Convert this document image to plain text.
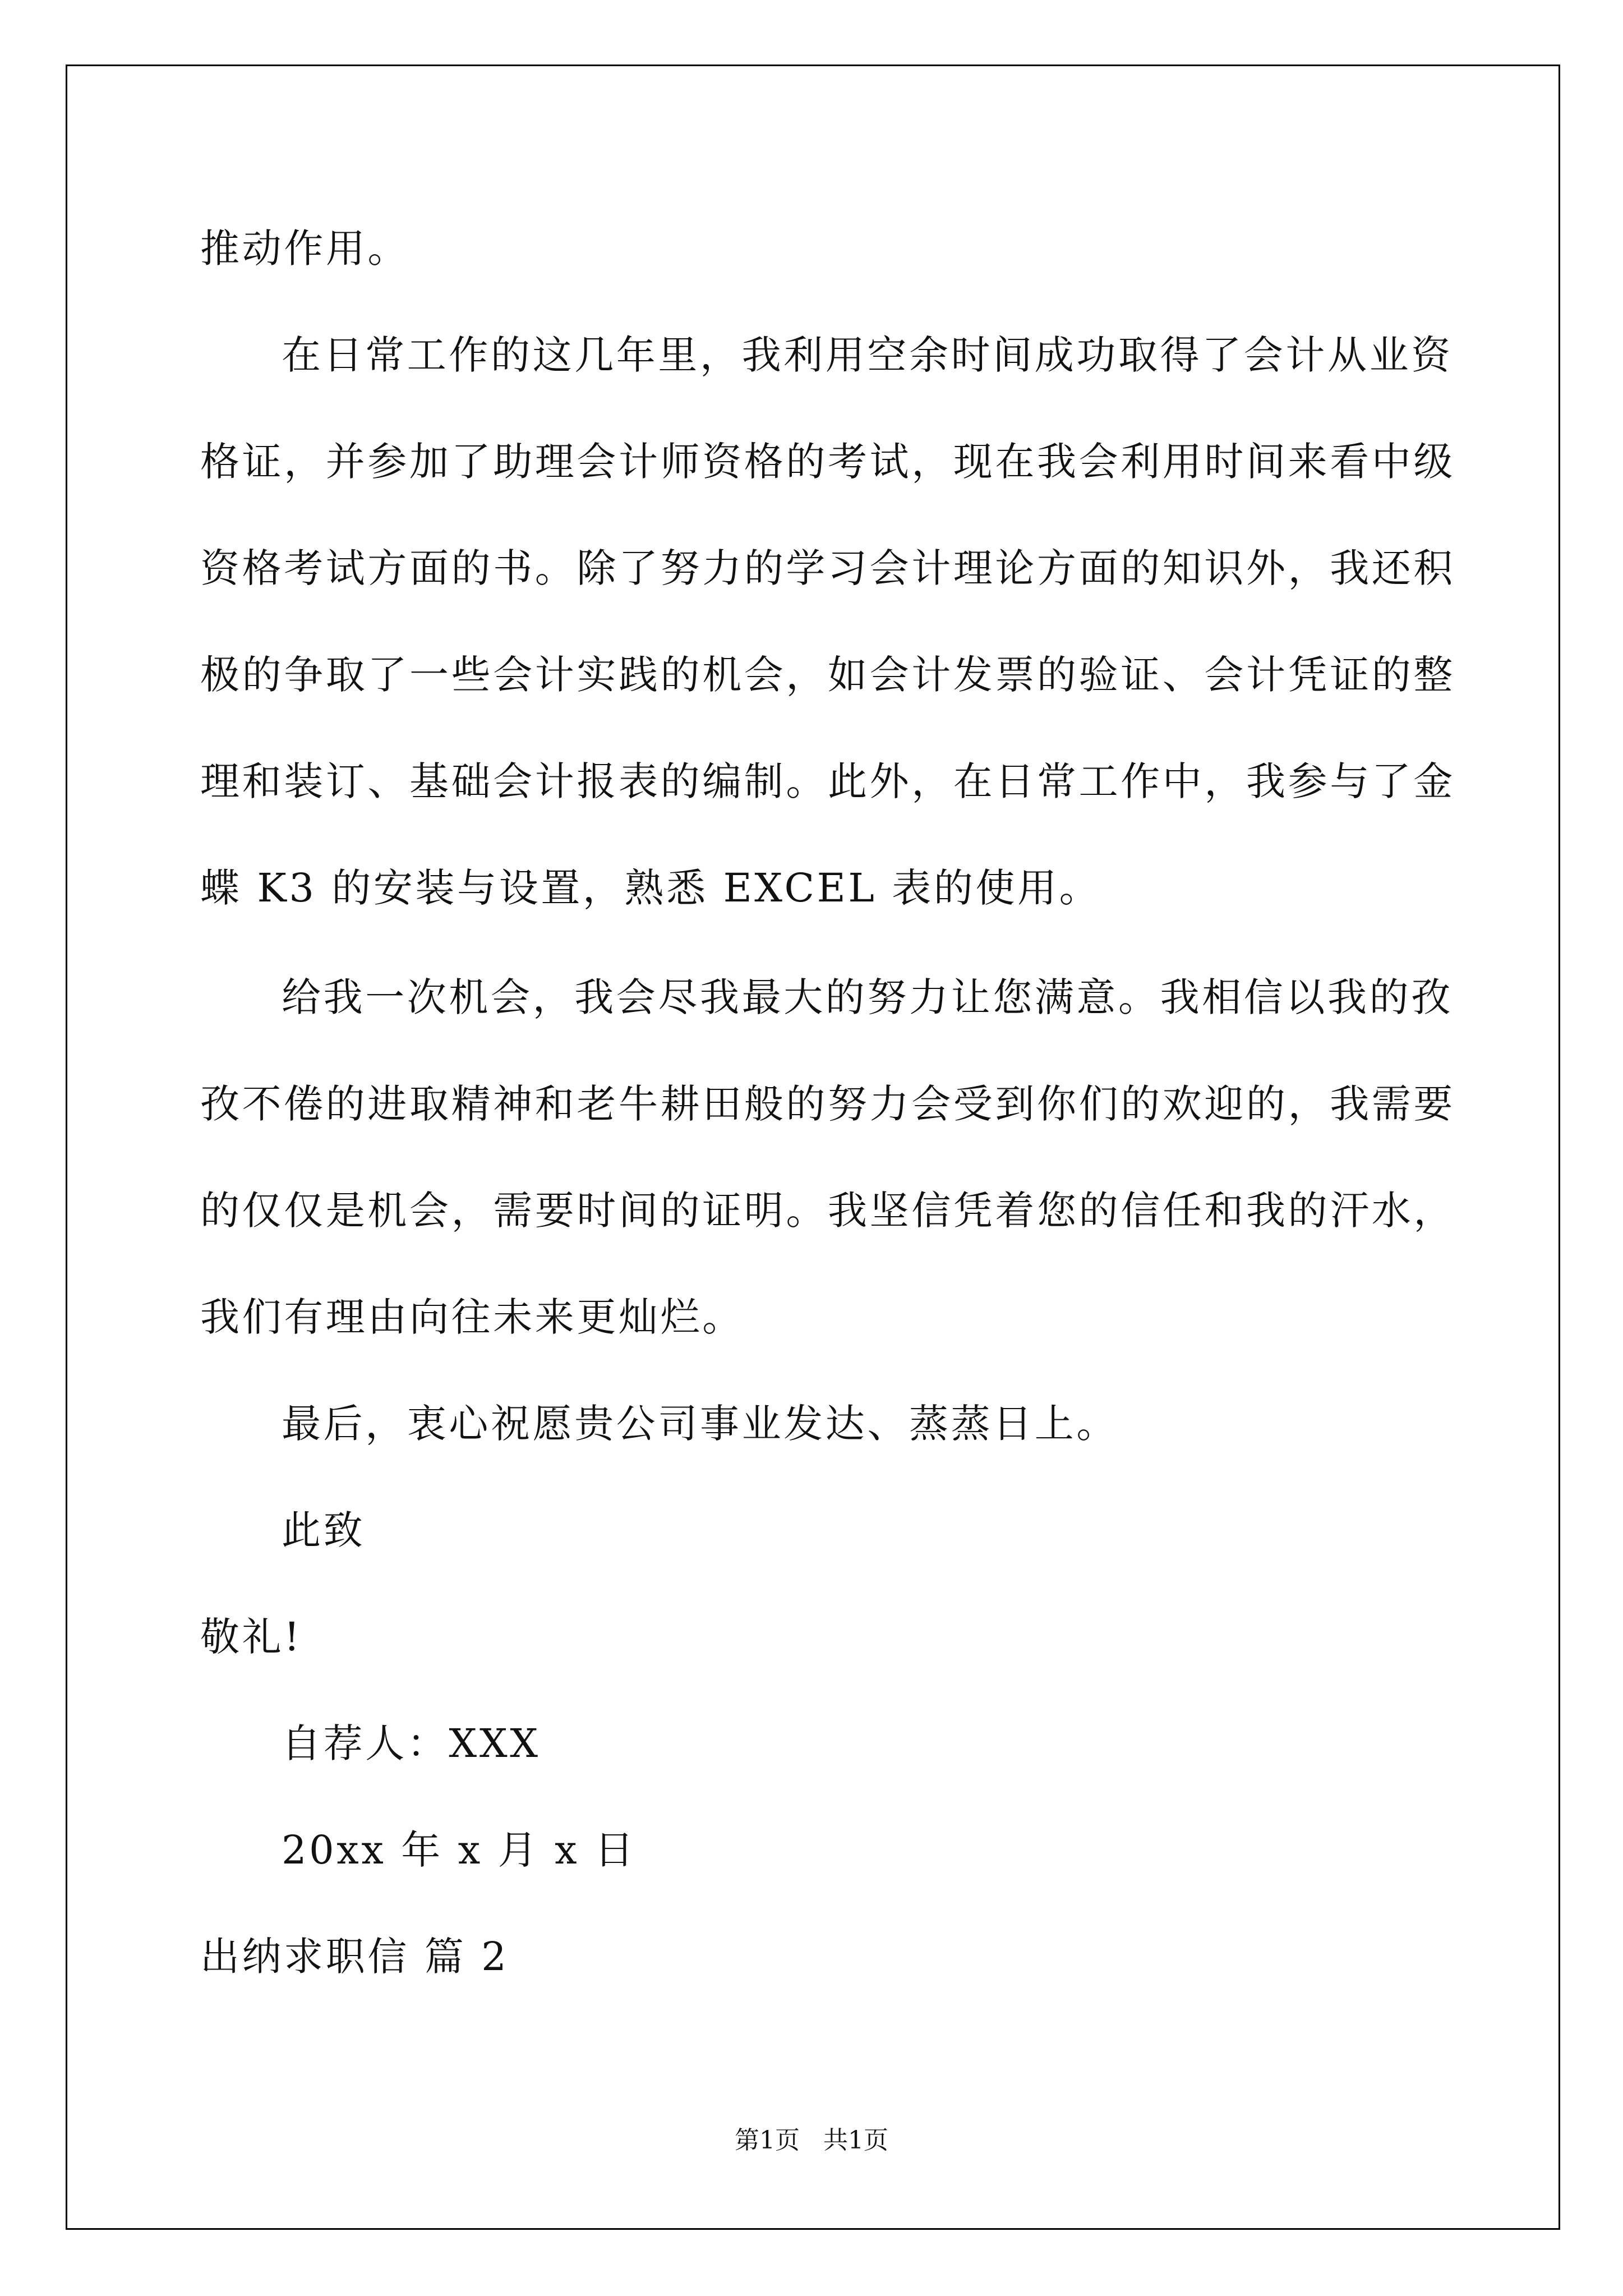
推动作用。
在日常工作的这几年里，我利用空余时间成功取得了会计从业资
格证，并参加了助理会计师资格的考试，现在我会利用时间来看中级
资格考试方面的书。除了努力的学习会计理论方面的知识外，我还积
极的争取了一些会计实践的机会，如会计发票的验证、会计凭证的整
理和装订、基础会计报表的编制。此外，在日常工作中，我参与了金
蝶 K3 的安装与设置，熟悉 EXCEL 表的使用。
给我一次机会，我会尽我最大的努力让您满意。我相信以我的孜
孜不倦的进取精神和老牛耕田般的努力会受到你们的欢迎的，我需要
的仅仅是机会，需要时间的证明。我坚信凭着您的信任和我的汗水，
我们有理由向往未来更灿烂。
最后，衷心祝愿贵公司事业发达、蒸蒸日上。
此致
敬礼!
自荐人：XXX
20xx 年 x 月 x 日
出纳求职信 篇 2
第1页   共1页
